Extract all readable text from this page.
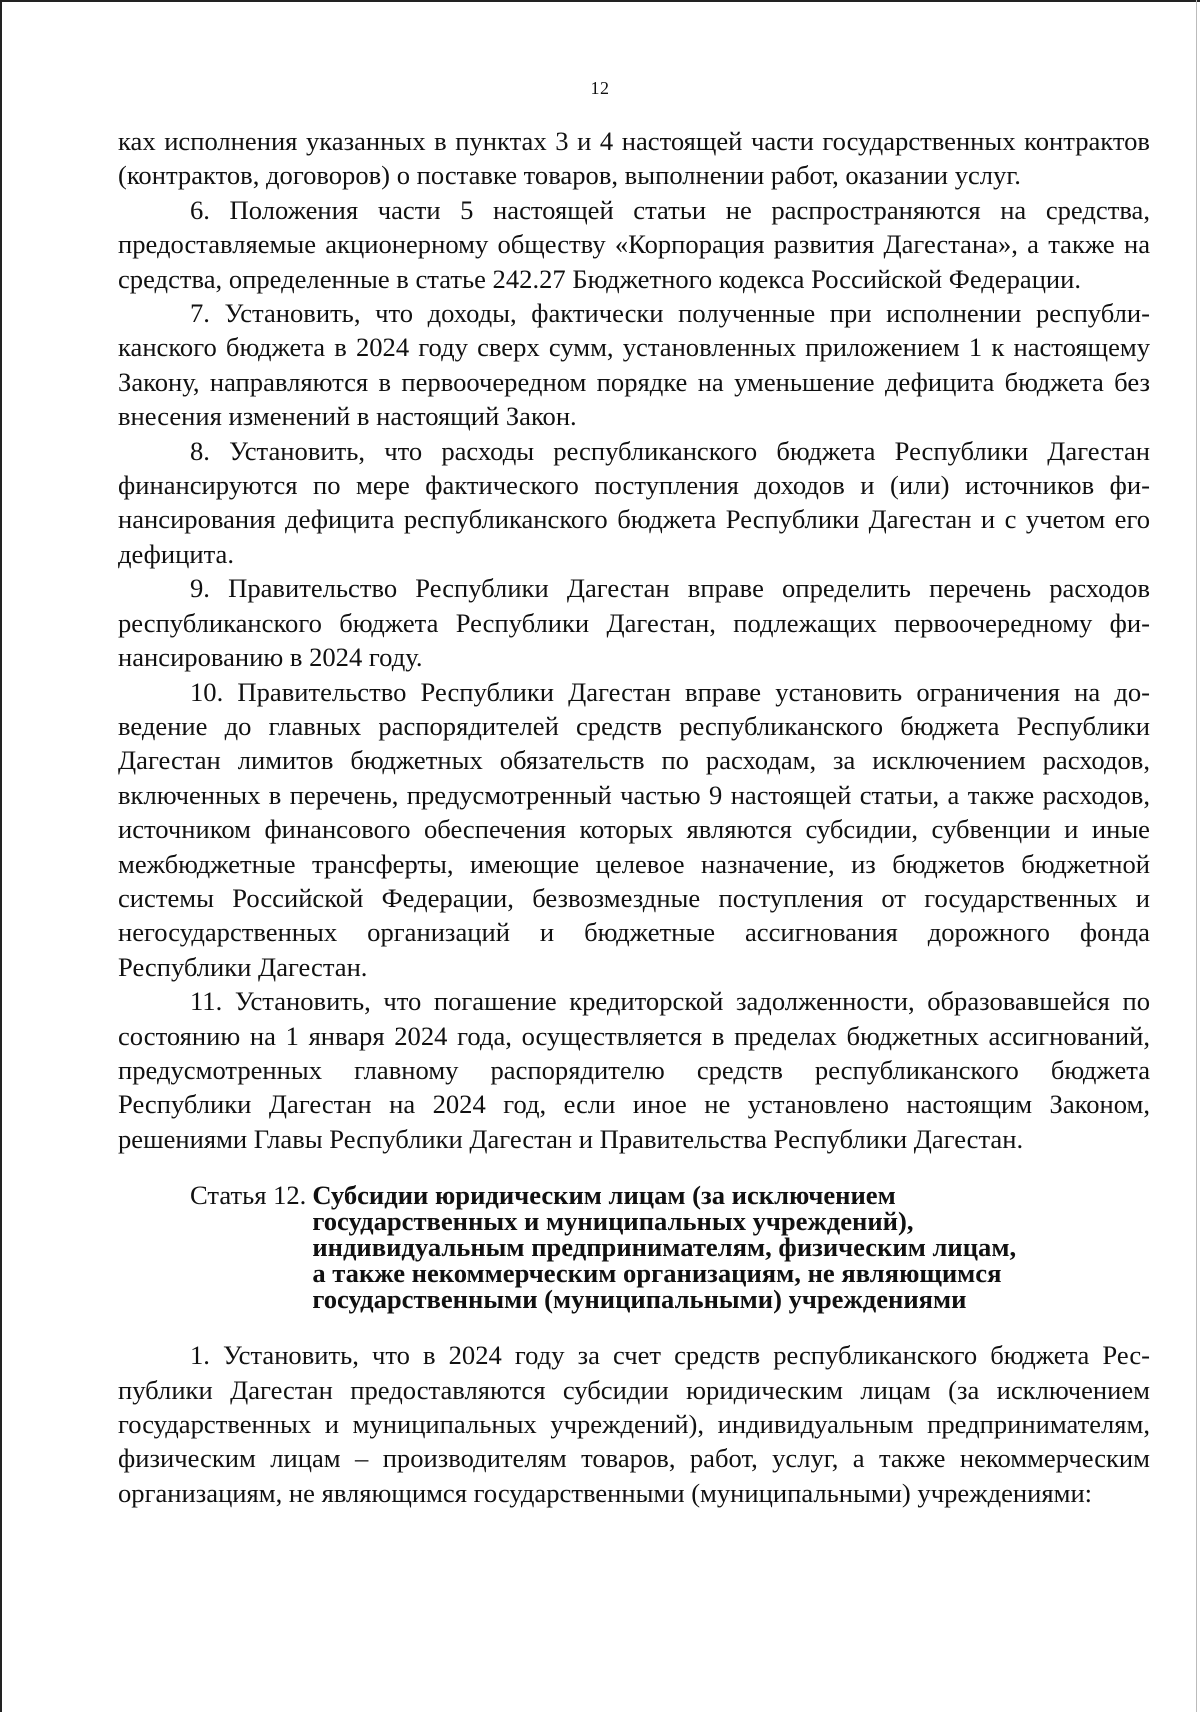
12

ках исполнения указанных в пунктах 3 и 4 настоящей части государственных контрактов (контрактов, договоров) о поставке товаров, выполнении работ, оказании услуг.

6. Положения части 5 настоящей статьи не распространяются на средства, предоставляемые акционерному обществу «Корпорация развития Дагестана», а также на средства, определенные в статье 242.27 Бюджетного кодекса Российской Федерации.

7. Установить, что доходы, фактически полученные при исполнении республиканского бюджета в 2024 году сверх сумм, установленных приложением 1 к настоящему Закону, направляются в первоочередном порядке на уменьшение дефицита бюджета без внесения изменений в настоящий Закон.

8. Установить, что расходы республиканского бюджета Республики Дагестан финансируются по мере фактического поступления доходов и (или) источников финансирования дефицита республиканского бюджета Республики Дагестан и с учетом его дефицита.

9. Правительство Республики Дагестан вправе определить перечень расходов республиканского бюджета Республики Дагестан, подлежащих первоочередному финансированию в 2024 году.

10. Правительство Республики Дагестан вправе установить ограничения на доведение до главных распорядителей средств республиканского бюджета Республики Дагестан лимитов бюджетных обязательств по расходам, за исключением расходов, включенных в перечень, предусмотренный частью 9 настоящей статьи, а также расходов, источником финансового обеспечения которых являются субсидии, субвенции и иные межбюджетные трансферты, имеющие целевое назначение, из бюджетов бюджетной системы Российской Федерации, безвозмездные поступления от государственных и негосударственных организаций и бюджетные ассигнования дорожного фонда Республики Дагестан.

11. Установить, что погашение кредиторской задолженности, образовавшейся по состоянию на 1 января 2024 года, осуществляется в пределах бюджетных ассигнований, предусмотренных главному распорядителю средств республиканского бюджета Республики Дагестан на 2024 год, если иное не установлено настоящим Законом, решениями Главы Республики Дагестан и Правительства Республики Дагестан.

Статья 12. Субсидии юридическим лицам (за исключением
государственных и муниципальных учреждений),
индивидуальным предпринимателям, физическим лицам,
а также некоммерческим организациям, не являющимся
государственными (муниципальными) учреждениями

1. Установить, что в 2024 году за счет средств республиканского бюджета Республики Дагестан предоставляются субсидии юридическим лицам (за исключением государственных и муниципальных учреждений), индивидуальным предпринимателям, физическим лицам – производителям товаров, работ, услуг, а также некоммерческим организациям, не являющимся государственными (муниципальными) учреждениями:
